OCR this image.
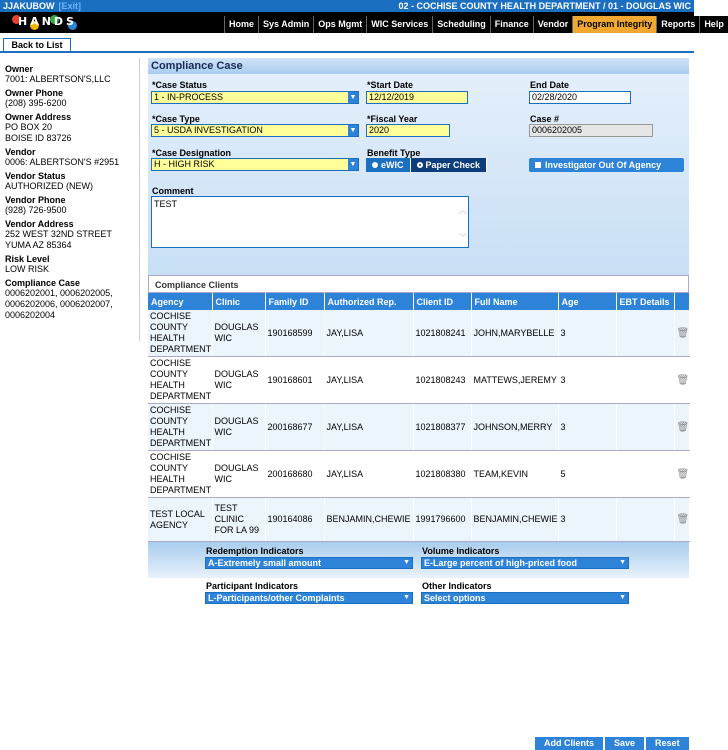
JJAKUBOW [Exit]	02 - COCHISE COUNTY HEALTH DEPARTMENT / 01 - DOUGLAS WIC
HANDS	Home	Sys Admin	Ops Mgmt	WIC Services	Scheduling	Finance	Vendor	Program Integrity	Reports	Help
Back to List
Owner
7001: ALBERTSON'S,LLC
Owner Phone
(208) 395-6200
Owner Address
PO BOX 20
BOISE ID 83726
Vendor
0006: ALBERTSON'S #2951
Vendor Status
AUTHORIZED (NEW)
Vendor Phone
(928) 726-9500
Vendor Address
252 WEST 32ND STREET
YUMA AZ 85364
Risk Level
LOW RISK
Compliance Case
0006202001, 0006202005,
0006202006, 0006202007,
0006202004
Compliance Case
*Case Status
1 - IN-PROCESS	▼
*Start Date
12/12/2019
End Date
02/28/2020
*Case Type
5 - USDA INVESTIGATION	▼
*Fiscal Year
2020
Case #
0006202005
*Case Designation
H - HIGH RISK	▼
Benefit Type
eWIC	Paper Check	Investigator Out Of Agency
Comment
TEST
︿
﹀
Compliance Clients
Agency	Clinic	Family ID	Authorized Rep.	Client ID	Full Name	Age	EBT Details	
COCHISE COUNTY HEALTH DEPARTMENT	DOUGLAS WIC	190168599	JAY,LISA	1021808241	JOHN,MARYBELLE	3		🗑
COCHISE COUNTY HEALTH DEPARTMENT	DOUGLAS WIC	190168601	JAY,LISA	1021808243	MATTEWS,JEREMY	3		🗑
COCHISE COUNTY HEALTH DEPARTMENT	DOUGLAS WIC	200168677	JAY,LISA	1021808377	JOHNSON,MERRY	3		🗑
COCHISE COUNTY HEALTH DEPARTMENT	DOUGLAS WIC	200168680	JAY,LISA	1021808380	TEAM,KEVIN	5		🗑
TEST LOCAL AGENCY	TEST CLINIC FOR LA 99	190164086	BENJAMIN,CHEWIE	1991796600	BENJAMIN,CHEWIE	3		🗑
Redemption Indicators
A-Extremely small amount	▼
Volume Indicators
E-Large percent of high-priced food	▼
Participant Indicators
L-Participants/other Complaints	▼
Other Indicators
Select options	▼
Add Clients	Save	Reset
